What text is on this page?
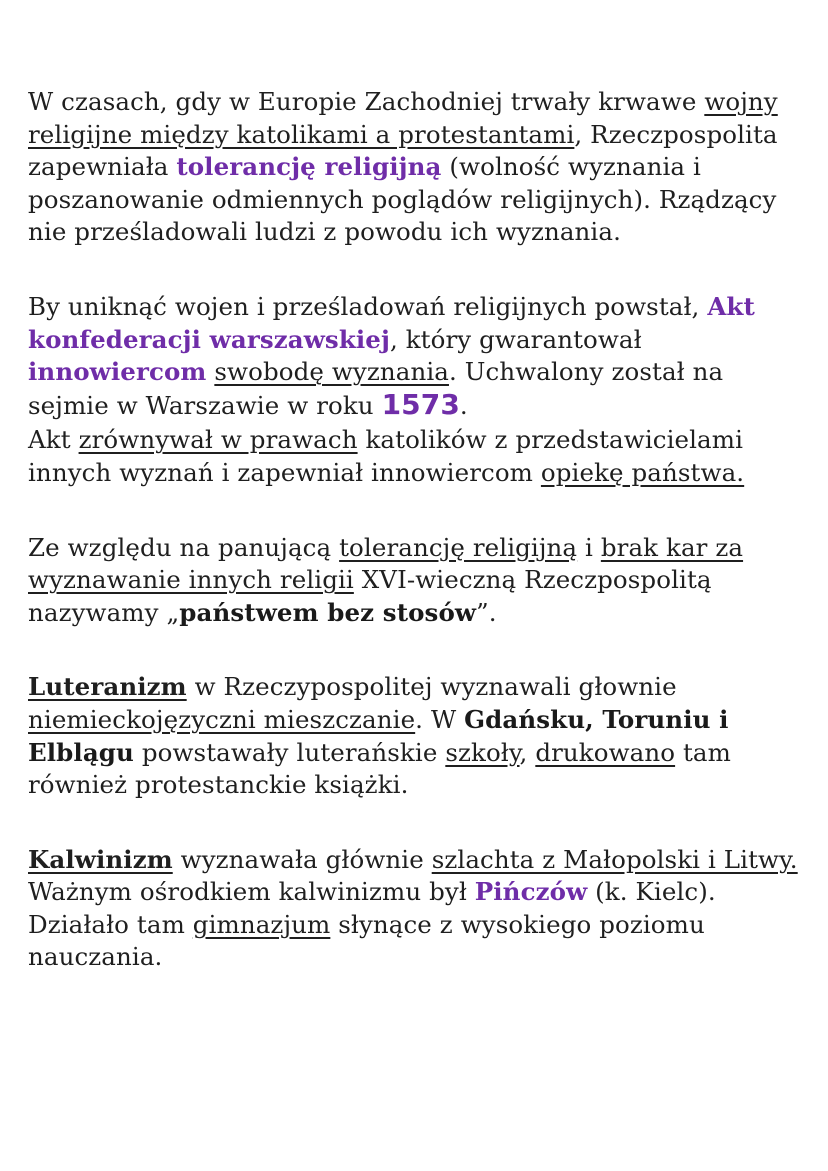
W czasach, gdy w Europie Zachodniej trwały krwawe wojny religijne między katolikami a protestantami, Rzeczpospolita zapewniała tolerancję religijną (wolność wyznania i poszanowanie odmiennych poglądów religijnych). Rządzący nie prześladowali ludzi z powodu ich wyznania.

By uniknąć wojen i prześladowań religijnych powstał, Akt konfederacji warszawskiej, który gwarantował innowiercom swobodę wyznania. Uchwalony został na sejmie w Warszawie w roku 1573.

Akt zrównywał w prawach katolików z przedstawicielami innych wyznań i zapewniał innowiercom opiekę państwa.

Ze względu na panującą tolerancję religijną i brak kar za wyznawanie innych religii XVI-wieczną Rzeczpospolitą nazywamy „państwem bez stosów”.

Luteranizm w Rzeczypospolitej wyznawali głownie niemieckojęzyczni mieszczanie. W Gdańsku, Toruniu i Elblągu powstawały luterańskie szkoły, drukowano tam również protestanckie książki.

Kalwinizm wyznawała głównie szlachta z Małopolski i Litwy. Ważnym ośrodkiem kalwinizmu był Pińczów (k. Kielc). Działało tam gimnazjum słynące z wysokiego poziomu nauczania.
